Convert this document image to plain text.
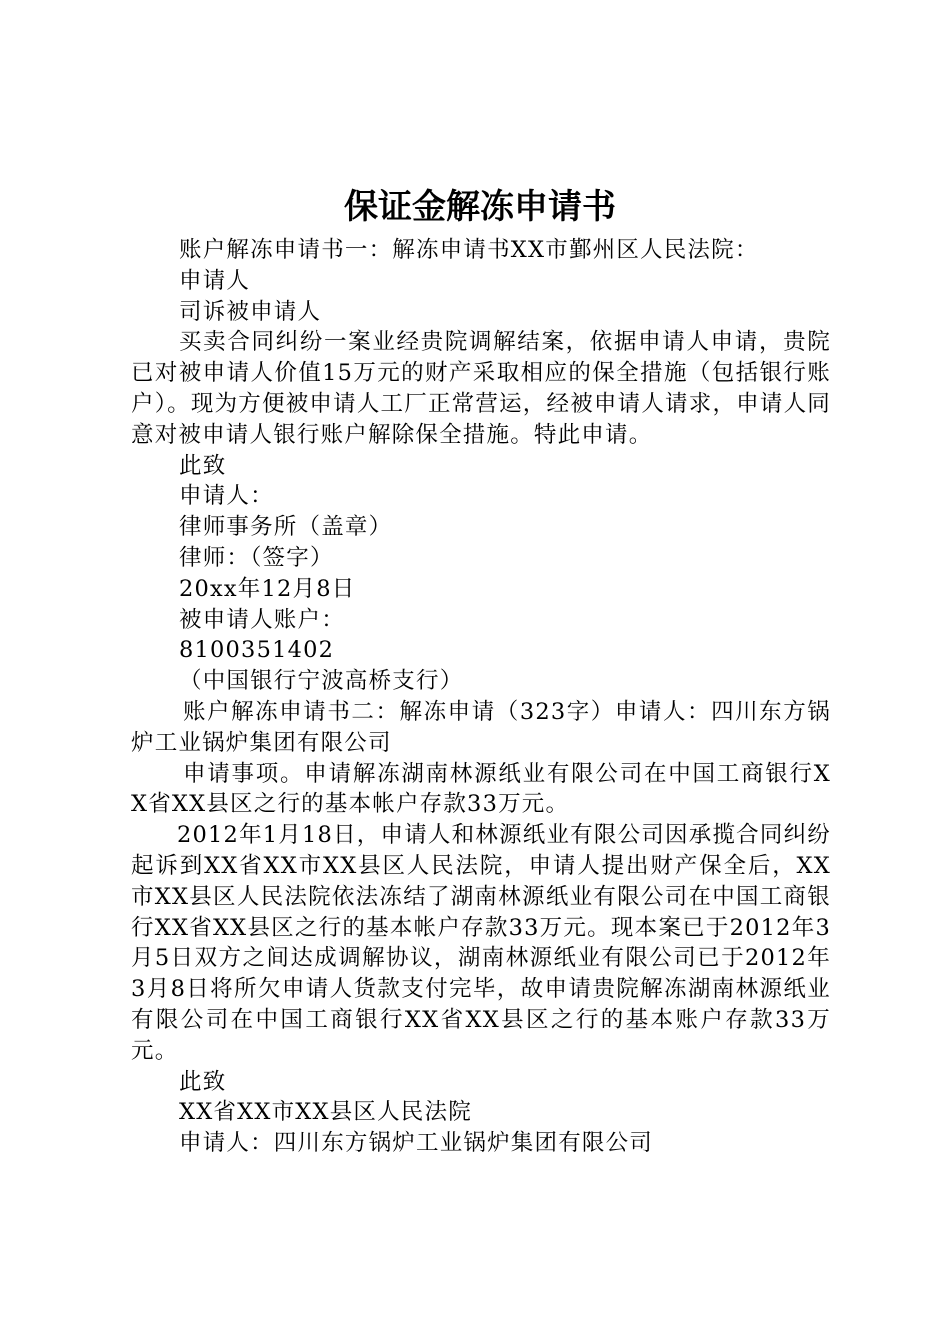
保证金解冻申请书

账户解冻申请书一：解冻申请书XX市鄞州区人民法院：

申请人

司诉被申请人

买卖合同纠纷一案业经贵院调解结案，依据申请人申请，贵院已对被申请人价值15万元的财产采取相应的保全措施（包括银行账户）。现为方便被申请人工厂正常营运，经被申请人请求，申请人同意对被申请人银行账户解除保全措施。特此申请。

此致

申请人：

律师事务所（盖章）

律师：（签字）

20xx年12月8日

被申请人账户：

8100351402

（中国银行宁波高桥支行）

账户解冻申请书二：解冻申请（323字）申请人：四川东方锅炉工业锅炉集团有限公司

申请事项。申请解冻湖南林源纸业有限公司在中国工商银行XX省XX县区之行的基本帐户存款33万元。

2012年1月18日，申请人和林源纸业有限公司因承揽合同纠纷起诉到XX省XX市XX县区人民法院，申请人提出财产保全后，XX市XX县区人民法院依法冻结了湖南林源纸业有限公司在中国工商银行XX省XX县区之行的基本帐户存款33万元。现本案已于2012年3月5日双方之间达成调解协议，湖南林源纸业有限公司已于2012年3月8日将所欠申请人货款支付完毕，故申请贵院解冻湖南林源纸业有限公司在中国工商银行XX省XX县区之行的基本账户存款33万元。

此致

XX省XX市XX县区人民法院

申请人：四川东方锅炉工业锅炉集团有限公司
